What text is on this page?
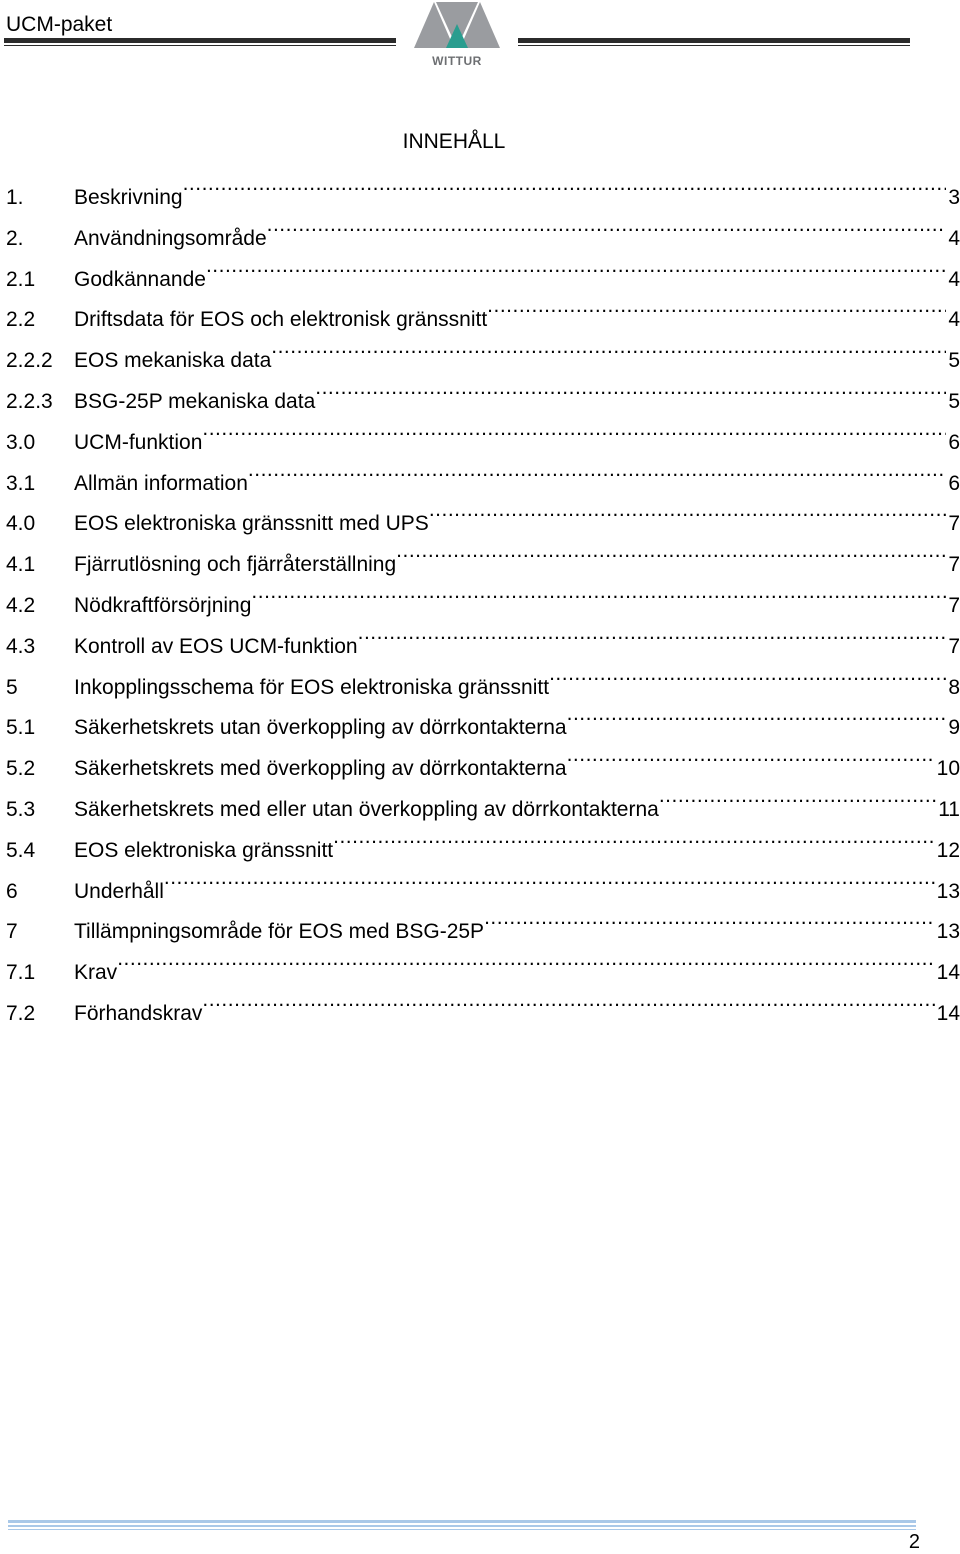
UCM-paket
WITTUR
INNEHÅLL
1.	Beskrivning .....	3
2.	Användningsområde .....	4
2.1	Godkännande .....	4
2.2	Driftsdata för EOS och elektronisk gränssnitt .....	4
2.2.2	EOS mekaniska data .....	5
2.2.3	BSG-25P mekaniska data .....	5
3.0	UCM-funktion .....	6
3.1	Allmän information .....	6
4.0	EOS elektroniska gränssnitt med UPS .....	7
4.1	Fjärrutlösning och fjärråterställning .....	7
4.2	Nödkraftförsörjning .....	7
4.3	Kontroll av EOS UCM-funktion .....	7
5	Inkopplingsschema för EOS elektroniska gränssnitt .....	8
5.1	Säkerhetskrets utan överkoppling av dörrkontakterna .....	9
5.2	Säkerhetskrets med överkoppling av dörrkontakterna .....	10
5.3	Säkerhetskrets med eller utan överkoppling av dörrkontakterna .....	11
5.4	EOS elektroniska gränssnitt .....	12
6	Underhåll .....	13
7	Tillämpningsområde för EOS med BSG-25P .....	13
7.1	Krav .....	14
7.2	Förhandskrav .....	14
2
